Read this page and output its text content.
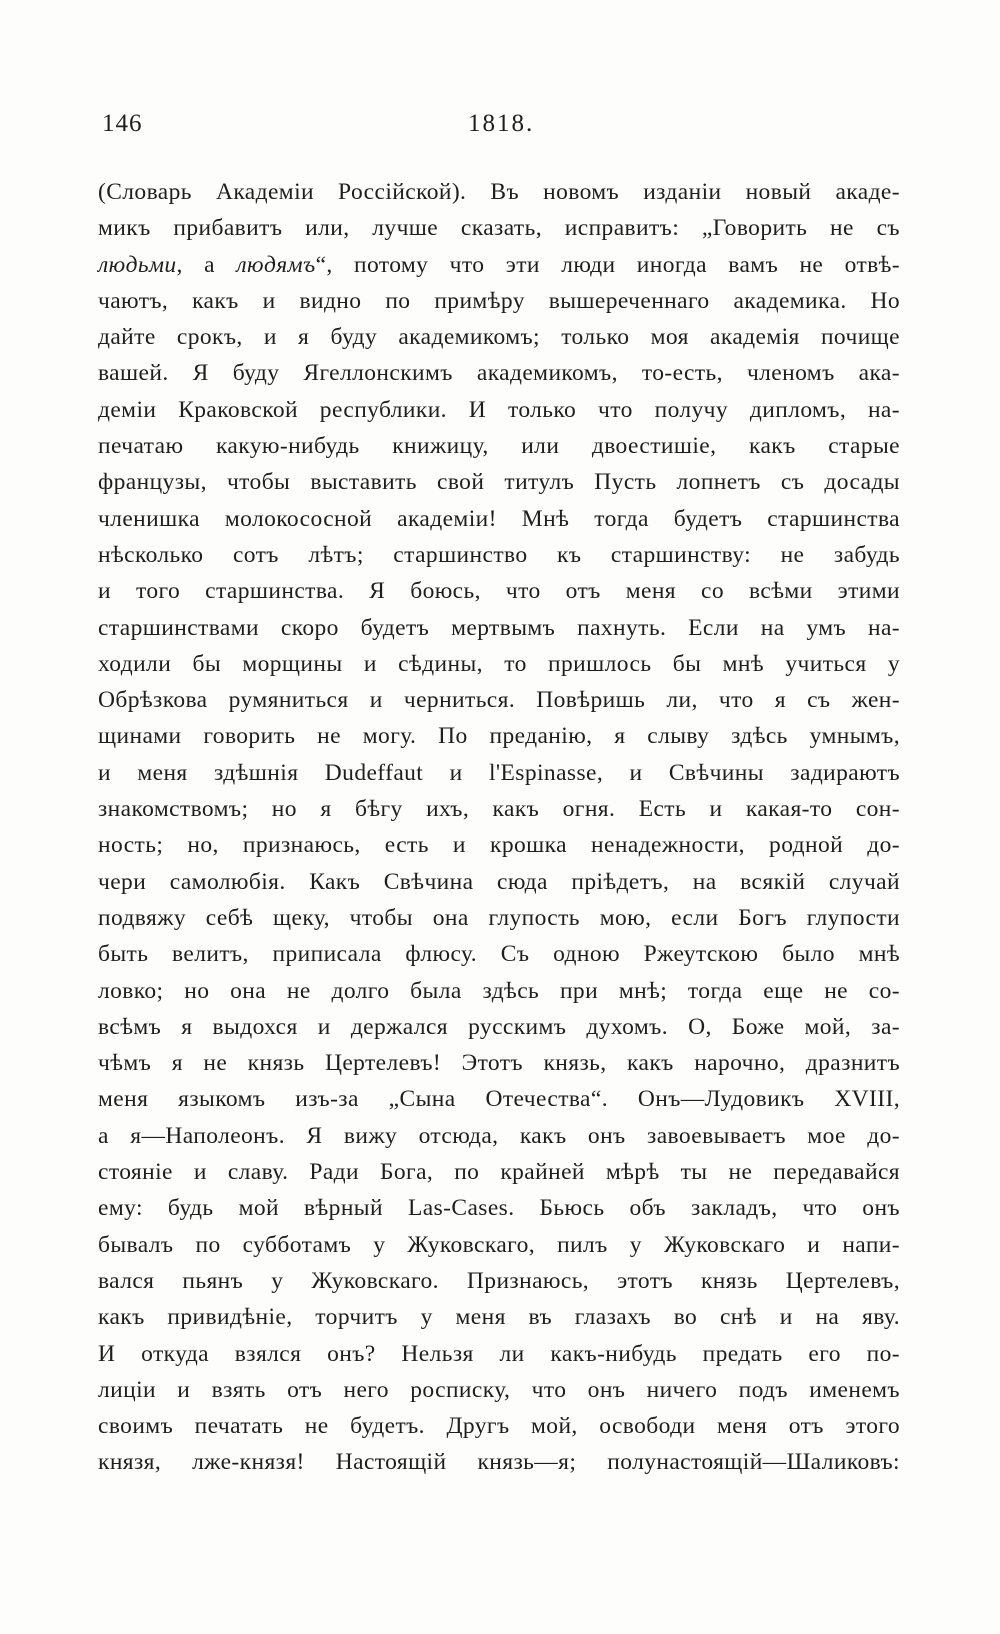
146	1818.
(Словарь Академіи Россійской). Въ новомъ изданіи новый акаде-
микъ прибавитъ или, лучше сказать, исправитъ: „Говорить не съ
людьми, а людямъ“, потому что эти люди иногда вамъ не отвѣ-
чаютъ, какъ и видно по примѣру вышереченнаго академика. Но
дайте срокъ, и я буду академикомъ; только моя академія почище
вашей. Я буду Ягеллонскимъ академикомъ, то-есть, членомъ ака-
деміи Краковской республики. И только что получу дипломъ, на-
печатаю какую-нибудь книжицу, или двоестишіе, какъ старые
французы, чтобы выставить свой титулъ Пусть лопнетъ съ досады
членишка молокососной академіи! Мнѣ тогда будетъ старшинства
нѣсколько сотъ лѣтъ; старшинство къ старшинству: не забудь
и того старшинства. Я боюсь, что отъ меня со всѣми этими
старшинствами скоро будетъ мертвымъ пахнуть. Если на умъ на-
ходили бы морщины и сѣдины, то пришлось бы мнѣ учиться у
Обрѣзкова румяниться и черниться. Повѣришь ли, что я съ жен-
щинами говорить не могу. По преданію, я слыву здѣсь умнымъ,
и меня здѣшнія Dudeffaut и l'Espinasse, и Свѣчины задираютъ
знакомствомъ; но я бѣгу ихъ, какъ огня. Есть и какая-то сон-
ность; но, признаюсь, есть и крошка ненадежности, родной до-
чери самолюбія. Какъ Свѣчина сюда пріѣдетъ, на всякій случай
подвяжу себѣ щеку, чтобы она глупость мою, если Богъ глупости
быть велитъ, приписала флюсу. Съ одною Ржеутскою было мнѣ
ловко; но она не долго была здѣсь при мнѣ; тогда еще не со-
всѣмъ я выдохся и держался русскимъ духомъ. О, Боже мой, за-
чѣмъ я не князь Цертелевъ! Этотъ князь, какъ нарочно, дразнитъ
меня языкомъ изъ-за „Сына Отечества“. Онъ—Лудовикъ XVIII,
а я—Наполеонъ. Я вижу отсюда, какъ онъ завоевываетъ мое до-
стояніе и славу. Ради Бога, по крайней мѣрѣ ты не передавайся
ему: будь мой вѣрный Las-Cases. Бьюсь объ закладъ, что онъ
бывалъ по субботамъ у Жуковскаго, пилъ у Жуковскаго и напи-
вался пьянъ у Жуковскаго. Признаюсь, этотъ князь Цертелевъ,
какъ привидѣніе, торчитъ у меня въ глазахъ во снѣ и на яву.
И откуда взялся онъ? Нельзя ли какъ-нибудь предать его по-
лиціи и взять отъ него росписку, что онъ ничего подъ именемъ
своимъ печатать не будетъ. Другъ мой, освободи меня отъ этого
князя, лже-князя! Настоящій князь—я; полунастоящій—Шаликовъ:
